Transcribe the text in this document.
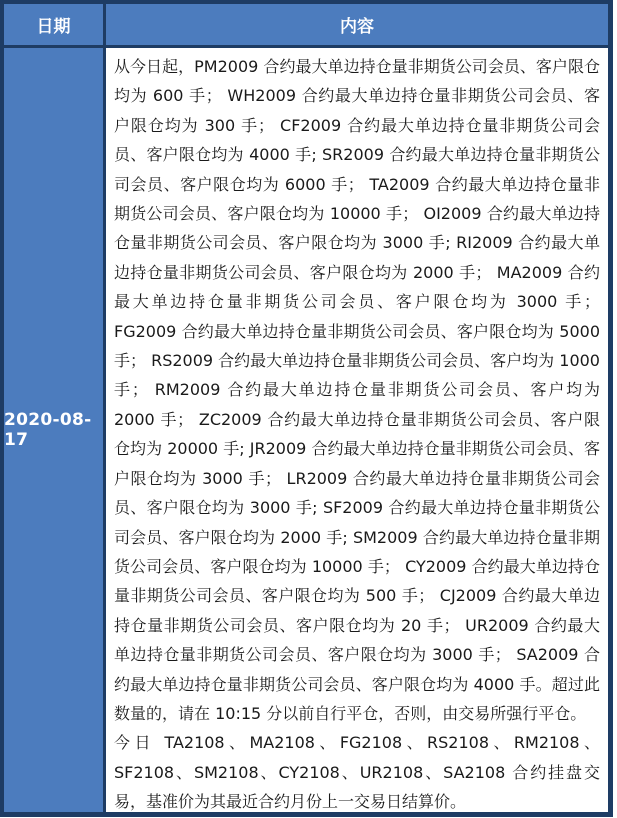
日期	内容
2020-08-17

从今日起，PM2009 合约最大单边持仓量非期货公司会员、客户限仓均为 600 手； WH2009 合约最大单边持仓量非期货公司会员、客户限仓均为 300 手； CF2009 合约最大单边持仓量非期货公司会员、客户限仓均为 4000 手; SR2009 合约最大单边持仓量非期货公司会员、客户限仓均为 6000 手； TA2009 合约最大单边持仓量非期货公司会员、客户限仓均为 10000 手； OI2009 合约最大单边持仓量非期货公司会员、客户限仓均为 3000 手; RI2009 合约最大单边持仓量非期货公司会员、客户限仓均为 2000 手； MA2009 合约最大单边持仓量非期货公司会员、客户限仓均为 3000 手； FG2009 合约最大单边持仓量非期货公司会员、客户限仓均为 5000 手； RS2009 合约最大单边持仓量非期货公司会员、客户均为 1000 手； RM2009 合约最大单边持仓量非期货公司会员、客户均为 2000 手； ZC2009 合约最大单边持仓量非期货公司会员、客户限仓均为 20000 手; JR2009 合约最大单边持仓量非期货公司会员、客户限仓均为 3000 手； LR2009 合约最大单边持仓量非期货公司会员、客户限仓均为 3000 手; SF2009 合约最大单边持仓量非期货公司会员、客户限仓均为 2000 手; SM2009 合约最大单边持仓量非期货公司会员、客户限仓均为 10000 手； CY2009 合约最大单边持仓量非期货公司会员、客户限仓均为 500 手； CJ2009 合约最大单边持仓量非期货公司会员、客户限仓均为 20 手； UR2009 合约最大单边持仓量非期货公司会员、客户限仓均为 3000 手； SA2009 合约最大单边持仓量非期货公司会员、客户限仓均为 4000 手。超过此数量的，请在 10:15 分以前自行平仓，否则，由交易所强行平仓。

今日 TA2108、MA2108、FG2108、RS2108、RM2108、SF2108、SM2108、CY2108、UR2108、SA2108 合约挂盘交易，基准价为其最近合约月份上一交易日结算价。
